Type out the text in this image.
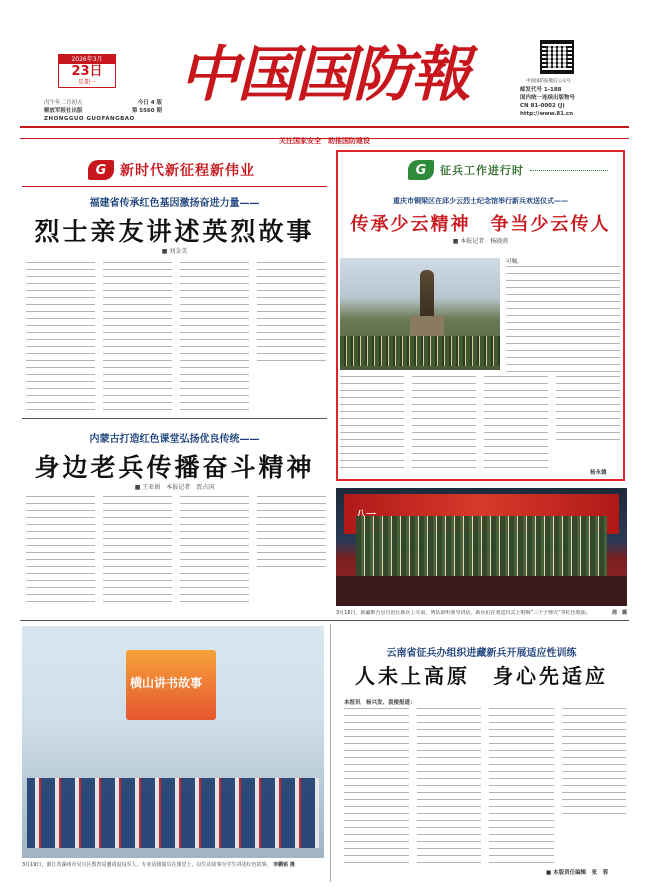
2026年3月
23日
星期一
丙午年二月初五	今日 4 版
解放军报社出版	第 5560 期
ZHONGGUO GUOFANGBAO
中国国防報	中国国防报微信公众号
邮发代号 1-188
国内统一连续出版物号
CN 81-0002 (J)
http://www.81.cn
关注国家安全　助推国防建设
G 新时代新征程新伟业
福建省传承红色基因激扬奋进力量——
烈士亲友讲述英烈故事
■ 刘金美
内蒙古打造红色课堂弘扬优良传统——
身边老兵传播奋斗精神
■ 王亚娟　本报记者　贾占国
G	征兵工作进行时
重庆市铜梁区在邱少云烈士纪念馆举行新兵欢送仪式——
传承少云精神　争当少云传人
■ 本报记者　杨晓燕
可嘱。
杨永德
3月16日，新疆维吾尔自治区新兵上车前，列队聆听领导讲话。新兵们在欢送仪式上唱响“三个子弹壳”等红色歌曲。	周　璐
横山讲书故事
3月19日，浙江省湖州市吴兴区教育局邀请退役军人、专业话剧演员在课堂上，以生动故事为学生讲述红色故事。 李鹏铭 摄
云南省征兵办组织进藏新兵开展适应性训练
人未上高原　身心先适应
本报讯　杨兴发、袁俊报道：
■ 本版责任编辑　张　蓉
